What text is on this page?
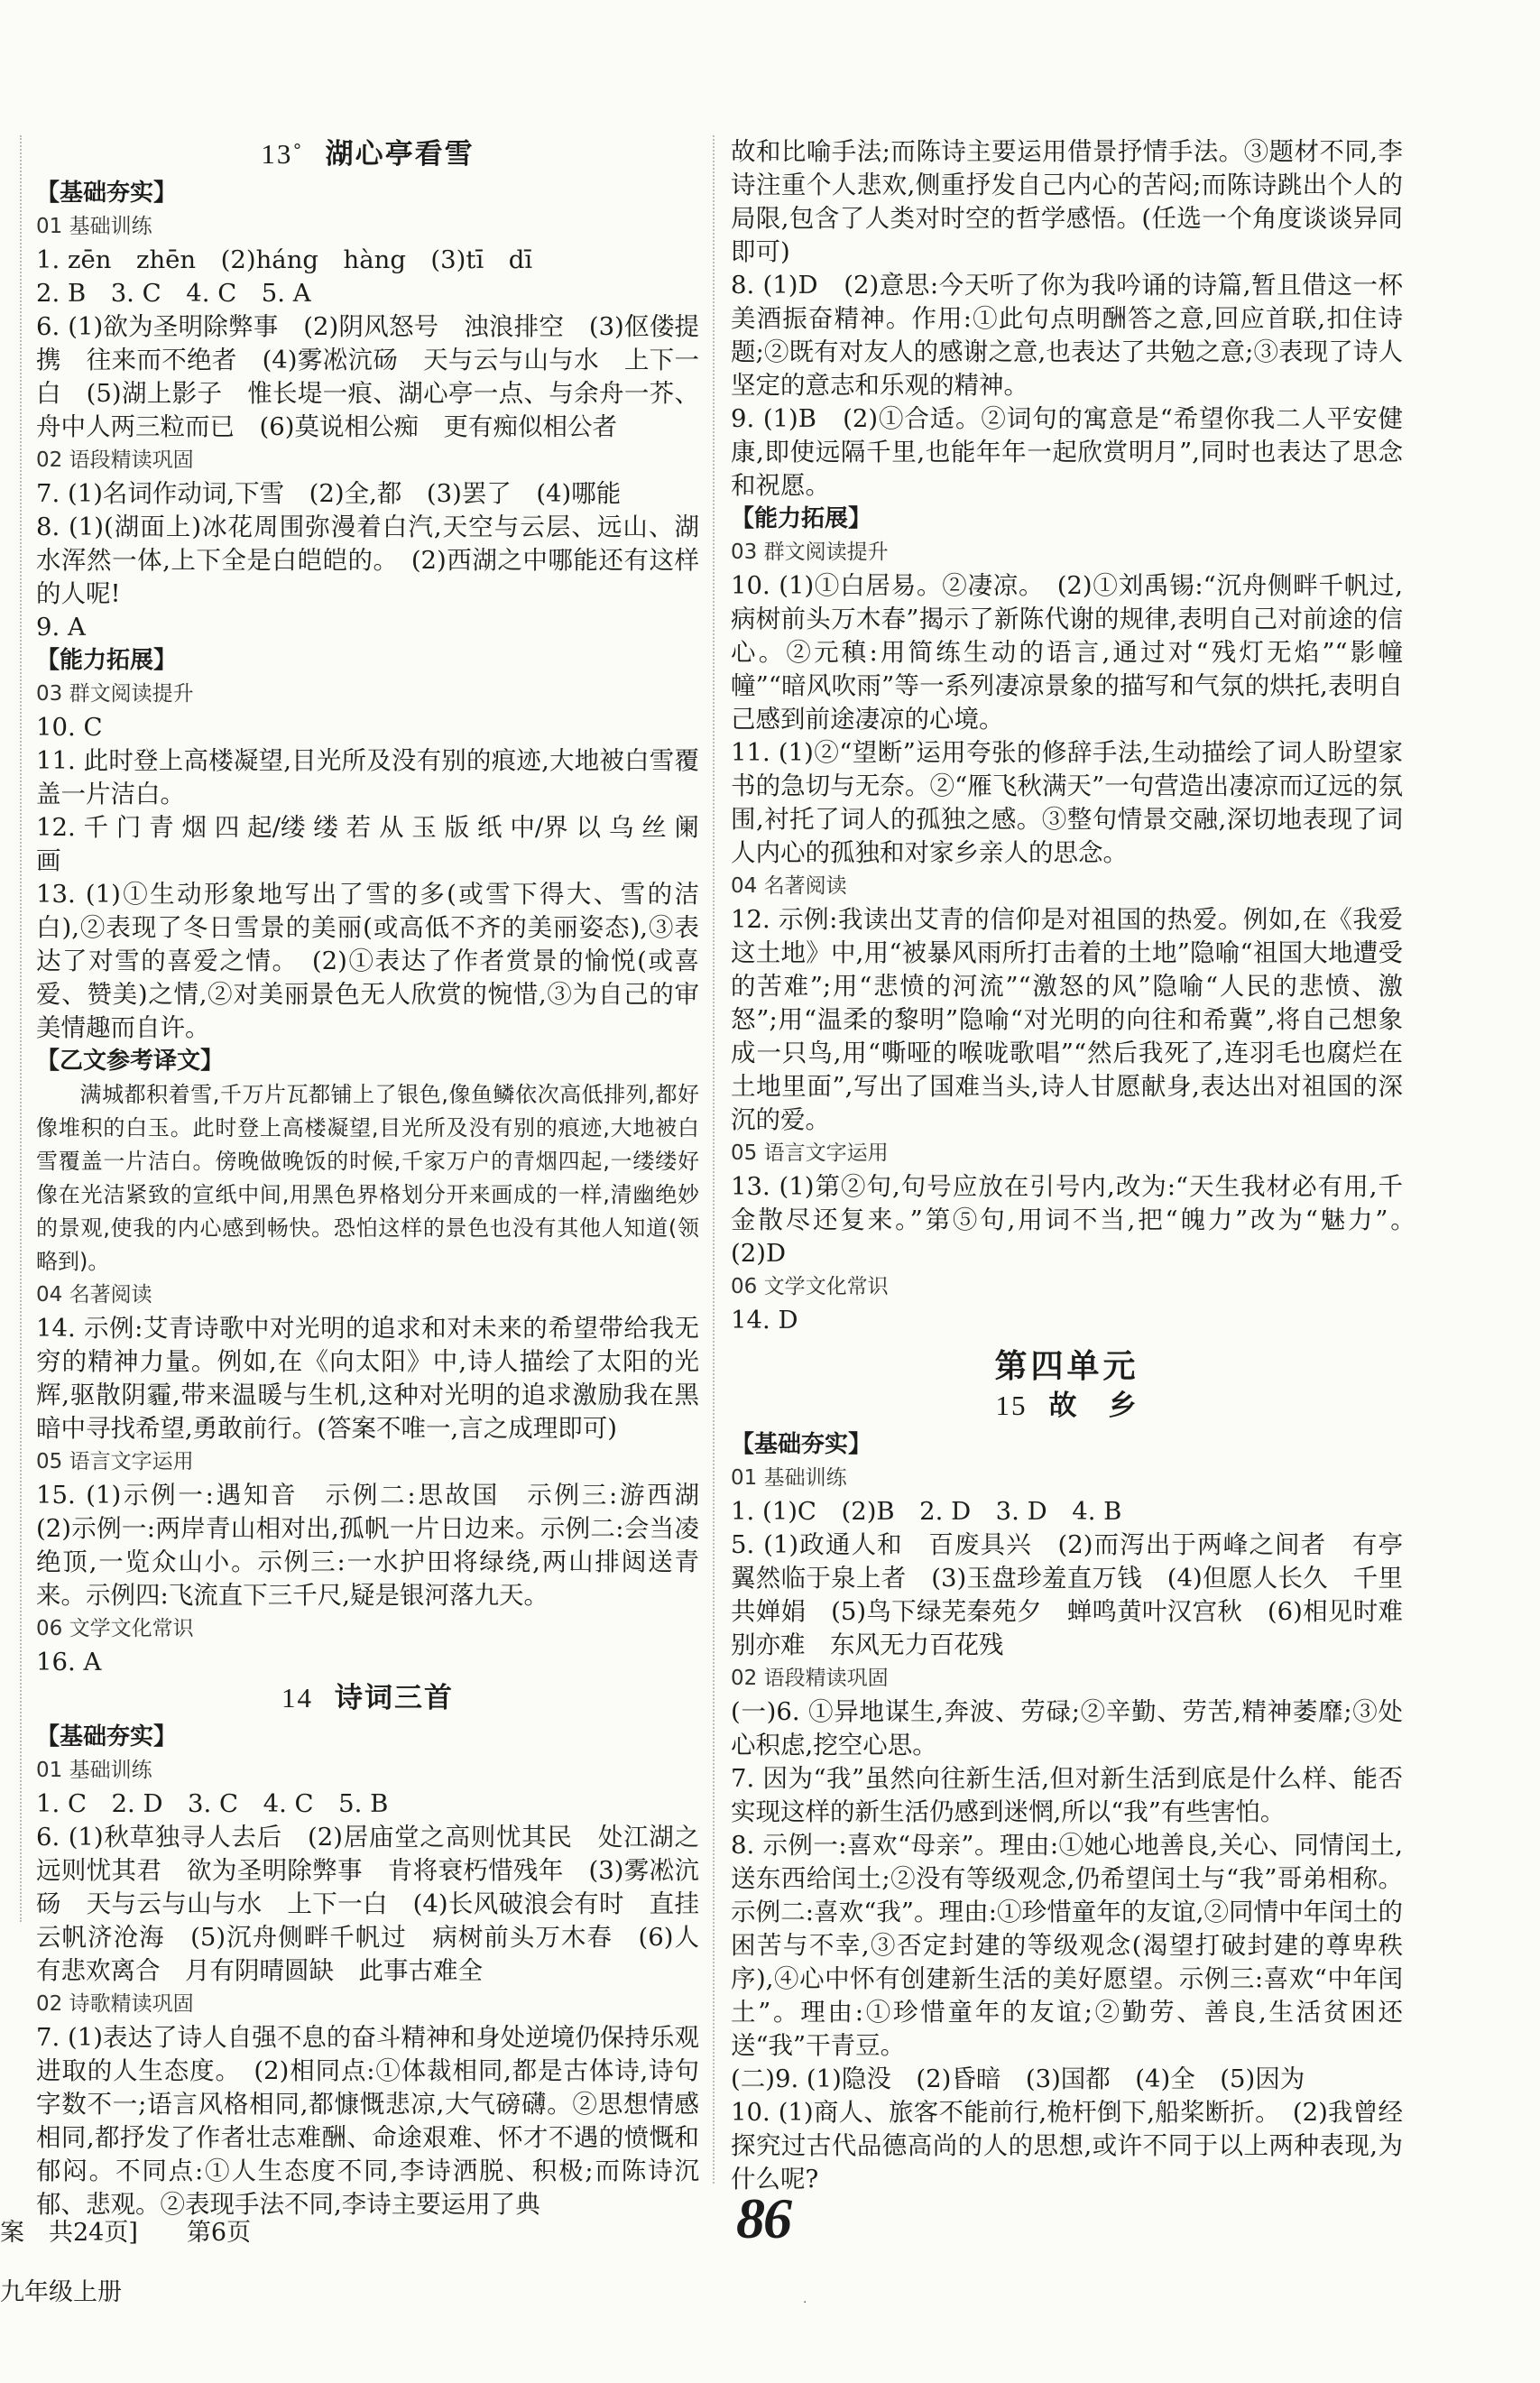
13˚ 湖心亭看雪
【基础夯实】
01 基础训练
1. zēn　zhēn　(2)háng　hàng　(3)tī　dī
2. B　3. C　4. C　5. A
6. (1)欲为圣明除弊事　(2)阴风怒号　浊浪排空　(3)伛偻提携　往来而不绝者　(4)雾凇沆砀　天与云与山与水　上下一白　(5)湖上影子　惟长堤一痕、湖心亭一点、与余舟一芥、舟中人两三粒而已　(6)莫说相公痴　更有痴似相公者
02 语段精读巩固
7. (1)名词作动词,下雪　(2)全,都　(3)罢了　(4)哪能
8. (1)(湖面上)冰花周围弥漫着白汽,天空与云层、远山、湖水浑然一体,上下全是白皑皑的。　(2)西湖之中哪能还有这样的人呢!
9. A
【能力拓展】
03 群文阅读提升
10. C
11. 此时登上高楼凝望,目光所及没有别的痕迹,大地被白雪覆盖一片洁白。
12. 千 门 青 烟 四 起/缕 缕 若 从 玉 版 纸 中/界 以 乌 丝 阑 画
13. (1)①生动形象地写出了雪的多(或雪下得大、雪的洁白),②表现了冬日雪景的美丽(或高低不齐的美丽姿态),③表达了对雪的喜爱之情。　(2)①表达了作者赏景的愉悦(或喜爱、赞美)之情,②对美丽景色无人欣赏的惋惜,③为自己的审美情趣而自许。
【乙文参考译文】
满城都积着雪,千万片瓦都铺上了银色,像鱼鳞依次高低排列,都好像堆积的白玉。此时登上高楼凝望,目光所及没有别的痕迹,大地被白雪覆盖一片洁白。傍晚做晚饭的时候,千家万户的青烟四起,一缕缕好像在光洁紧致的宣纸中间,用黑色界格划分开来画成的一样,清幽绝妙的景观,使我的内心感到畅快。恐怕这样的景色也没有其他人知道(领略到)。
04 名著阅读
14. 示例:艾青诗歌中对光明的追求和对未来的希望带给我无穷的精神力量。例如,在《向太阳》中,诗人描绘了太阳的光辉,驱散阴霾,带来温暖与生机,这种对光明的追求激励我在黑暗中寻找希望,勇敢前行。(答案不唯一,言之成理即可)
05 语言文字运用
15. (1)示例一:遇知音　示例二:思故国　示例三:游西湖　(2)示例一:两岸青山相对出,孤帆一片日边来。示例二:会当凌绝顶,一览众山小。示例三:一水护田将绿绕,两山排闼送青来。示例四:飞流直下三千尺,疑是银河落九天。
06 文学文化常识
16. A
14 诗词三首
【基础夯实】
01 基础训练
1. C　2. D　3. C　4. C　5. B
6. (1)秋草独寻人去后　(2)居庙堂之高则忧其民　处江湖之远则忧其君　欲为圣明除弊事　肯将衰朽惜残年　(3)雾凇沆砀　天与云与山与水　上下一白　(4)长风破浪会有时　直挂云帆济沧海　(5)沉舟侧畔千帆过　病树前头万木春　(6)人有悲欢离合　月有阴晴圆缺　此事古难全
02 诗歌精读巩固
7. (1)表达了诗人自强不息的奋斗精神和身处逆境仍保持乐观进取的人生态度。　(2)相同点:①体裁相同,都是古体诗,诗句字数不一;语言风格相同,都慷慨悲凉,大气磅礴。②思想情感相同,都抒发了作者壮志难酬、命途艰难、怀才不遇的愤慨和郁闷。不同点:①人生态度不同,李诗洒脱、积极;而陈诗沉郁、悲观。②表现手法不同,李诗主要运用了典
故和比喻手法;而陈诗主要运用借景抒情手法。③题材不同,李诗注重个人悲欢,侧重抒发自己内心的苦闷;而陈诗跳出个人的局限,包含了人类对时空的哲学感悟。(任选一个角度谈谈异同即可)
8. (1)D　(2)意思:今天听了你为我吟诵的诗篇,暂且借这一杯美酒振奋精神。作用:①此句点明酬答之意,回应首联,扣住诗题;②既有对友人的感谢之意,也表达了共勉之意;③表现了诗人坚定的意志和乐观的精神。
9. (1)B　(2)①合适。②词句的寓意是“希望你我二人平安健康,即使远隔千里,也能年年一起欣赏明月”,同时也表达了思念和祝愿。
【能力拓展】
03 群文阅读提升
10. (1)①白居易。②凄凉。　(2)①刘禹锡:“沉舟侧畔千帆过,病树前头万木春”揭示了新陈代谢的规律,表明自己对前途的信心。②元稹:用简练生动的语言,通过对“残灯无焰”“影幢幢”“暗风吹雨”等一系列凄凉景象的描写和气氛的烘托,表明自己感到前途凄凉的心境。
11. (1)②“望断”运用夸张的修辞手法,生动描绘了词人盼望家书的急切与无奈。②“雁飞秋满天”一句营造出凄凉而辽远的氛围,衬托了词人的孤独之感。③整句情景交融,深切地表现了词人内心的孤独和对家乡亲人的思念。
04 名著阅读
12. 示例:我读出艾青的信仰是对祖国的热爱。例如,在《我爱这土地》中,用“被暴风雨所打击着的土地”隐喻“祖国大地遭受的苦难”;用“悲愤的河流”“激怒的风”隐喻“人民的悲愤、激怒”;用“温柔的黎明”隐喻“对光明的向往和希冀”,将自己想象成一只鸟,用“嘶哑的喉咙歌唱”“然后我死了,连羽毛也腐烂在土地里面”,写出了国难当头,诗人甘愿献身,表达出对祖国的深沉的爱。
05 语言文字运用
13. (1)第②句,句号应放在引号内,改为:“天生我材必有用,千金散尽还复来。”第⑤句,用词不当,把“魄力”改为“魅力”。　(2)D
06 文学文化常识
14. D
第四单元
15 故　乡
【基础夯实】
01 基础训练
1. (1)C　(2)B　2. D　3. D　4. B
5. (1)政通人和　百废具兴　(2)而泻出于两峰之间者　有亭翼然临于泉上者　(3)玉盘珍羞直万钱　(4)但愿人长久　千里共婵娟　(5)鸟下绿芜秦苑夕　蝉鸣黄叶汉宫秋　(6)相见时难别亦难　东风无力百花残
02 语段精读巩固
(一)6. ①异地谋生,奔波、劳碌;②辛勤、劳苦,精神萎靡;③处心积虑,挖空心思。
7. 因为“我”虽然向往新生活,但对新生活到底是什么样、能否实现这样的新生活仍感到迷惘,所以“我”有些害怕。
8. 示例一:喜欢“母亲”。理由:①她心地善良,关心、同情闰土,送东西给闰土;②没有等级观念,仍希望闰土与“我”哥弟相称。示例二:喜欢“我”。理由:①珍惜童年的友谊,②同情中年闰土的困苦与不幸,③否定封建的等级观念(渴望打破封建的尊卑秩序),④心中怀有创建新生活的美好愿望。示例三:喜欢“中年闰土”。理由:①珍惜童年的友谊;②勤劳、善良,生活贫困还送“我”干青豆。
(二)9. (1)隐没　(2)昏暗　(3)国都　(4)全　(5)因为
10. (1)商人、旅客不能前行,桅杆倒下,船桨断折。　(2)我曾经探究过古代品德高尚的人的思想,或许不同于以上两种表现,为什么呢?
案　共24页]　　第6页
九年级上册
86
.
